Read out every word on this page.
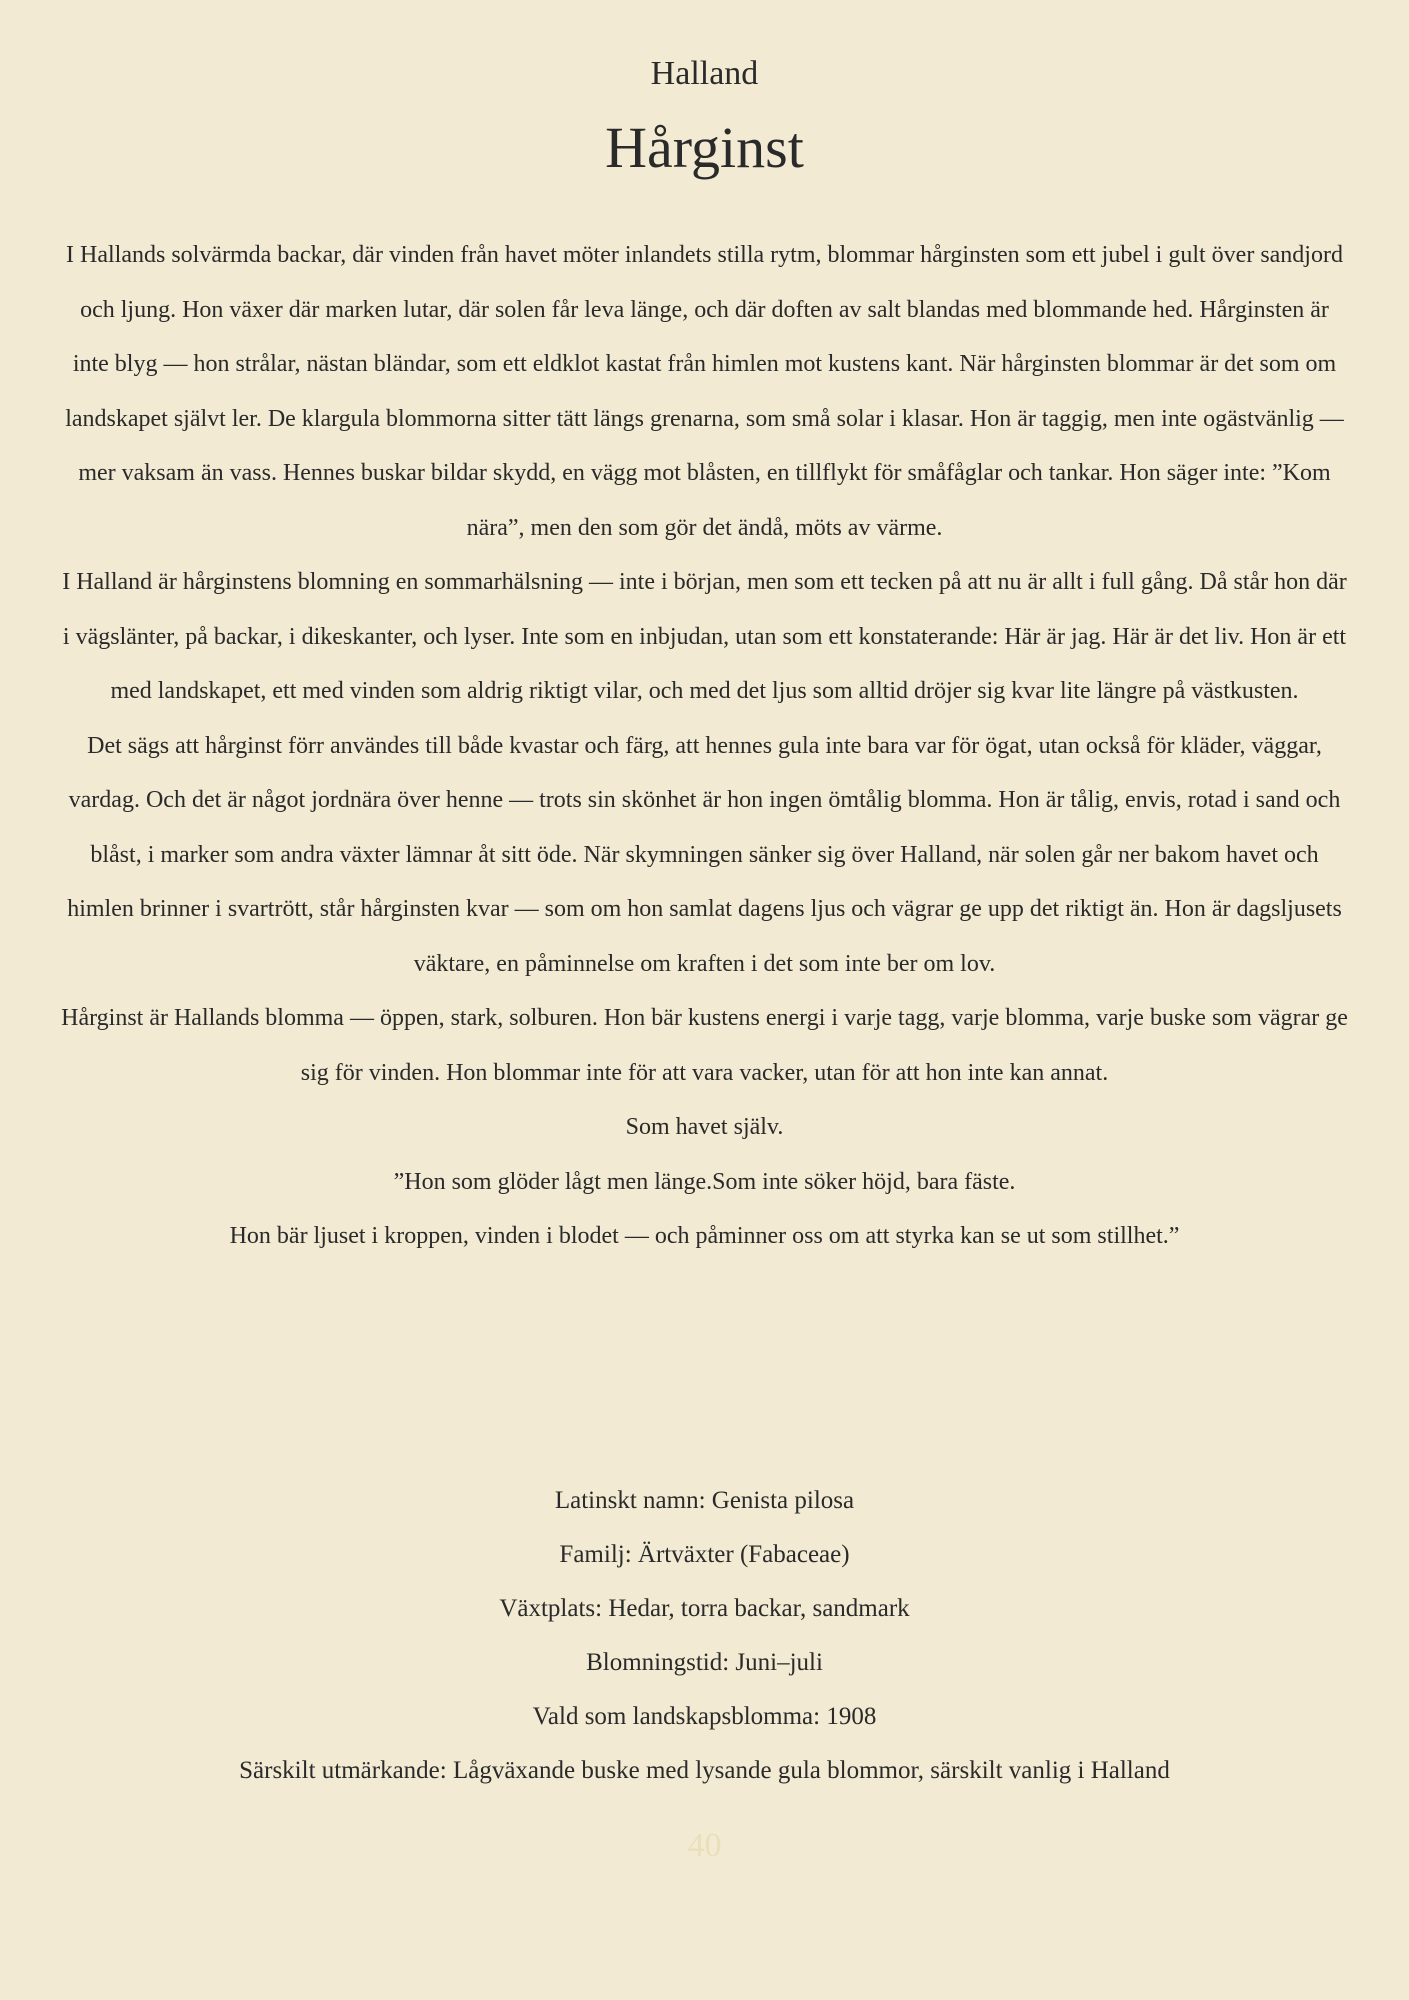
Halland
Hårginst

I Hallands solvärmda backar, där vinden från havet möter inlandets stilla rytm, blommar hårginsten som ett jubel i gult över sandjord och ljung. Hon växer där marken lutar, där solen får leva länge, och där doften av salt blandas med blommande hed. Hårginsten är inte blyg — hon strålar, nästan bländar, som ett eldklot kastat från himlen mot kustens kant. När hårginsten blommar är det som om landskapet självt ler. De klargula blommorna sitter tätt längs grenarna, som små solar i klasar. Hon är taggig, men inte ogästvänlig — mer vaksam än vass. Hennes buskar bildar skydd, en vägg mot blåsten, en tillflykt för småfåglar och tankar. Hon säger inte: ”Kom nära”, men den som gör det ändå, möts av värme.

I Halland är hårginstens blomning en sommarhälsning — inte i början, men som ett tecken på att nu är allt i full gång. Då står hon där i vägslänter, på backar, i dikeskanter, och lyser. Inte som en inbjudan, utan som ett konstaterande: Här är jag. Här är det liv. Hon är ett med landskapet, ett med vinden som aldrig riktigt vilar, och med det ljus som alltid dröjer sig kvar lite längre på västkusten.

Det sägs att hårginst förr användes till både kvastar och färg, att hennes gula inte bara var för ögat, utan också för kläder, väggar, vardag. Och det är något jordnära över henne — trots sin skönhet är hon ingen ömtålig blomma. Hon är tålig, envis, rotad i sand och blåst, i marker som andra växter lämnar åt sitt öde. När skymningen sänker sig över Halland, när solen går ner bakom havet och himlen brinner i svartrött, står hårginsten kvar — som om hon samlat dagens ljus och vägrar ge upp det riktigt än. Hon är dagsljusets väktare, en påminnelse om kraften i det som inte ber om lov.

Hårginst är Hallands blomma — öppen, stark, solburen. Hon bär kustens energi i varje tagg, varje blomma, varje buske som vägrar ge sig för vinden. Hon blommar inte för att vara vacker, utan för att hon inte kan annat.

Som havet själv.

”Hon som glöder lågt men länge.Som inte söker höjd, bara fäste.

Hon bär ljuset i kroppen, vinden i blodet — och påminner oss om att styrka kan se ut som stillhet.”

Latinskt namn: Genista pilosa

Familj: Ärtväxter (Fabaceae)

Växtplats: Hedar, torra backar, sandmark

Blomningstid: Juni–juli

Vald som landskapsblomma: 1908

Särskilt utmärkande: Lågväxande buske med lysande gula blommor, särskilt vanlig i Halland

40
